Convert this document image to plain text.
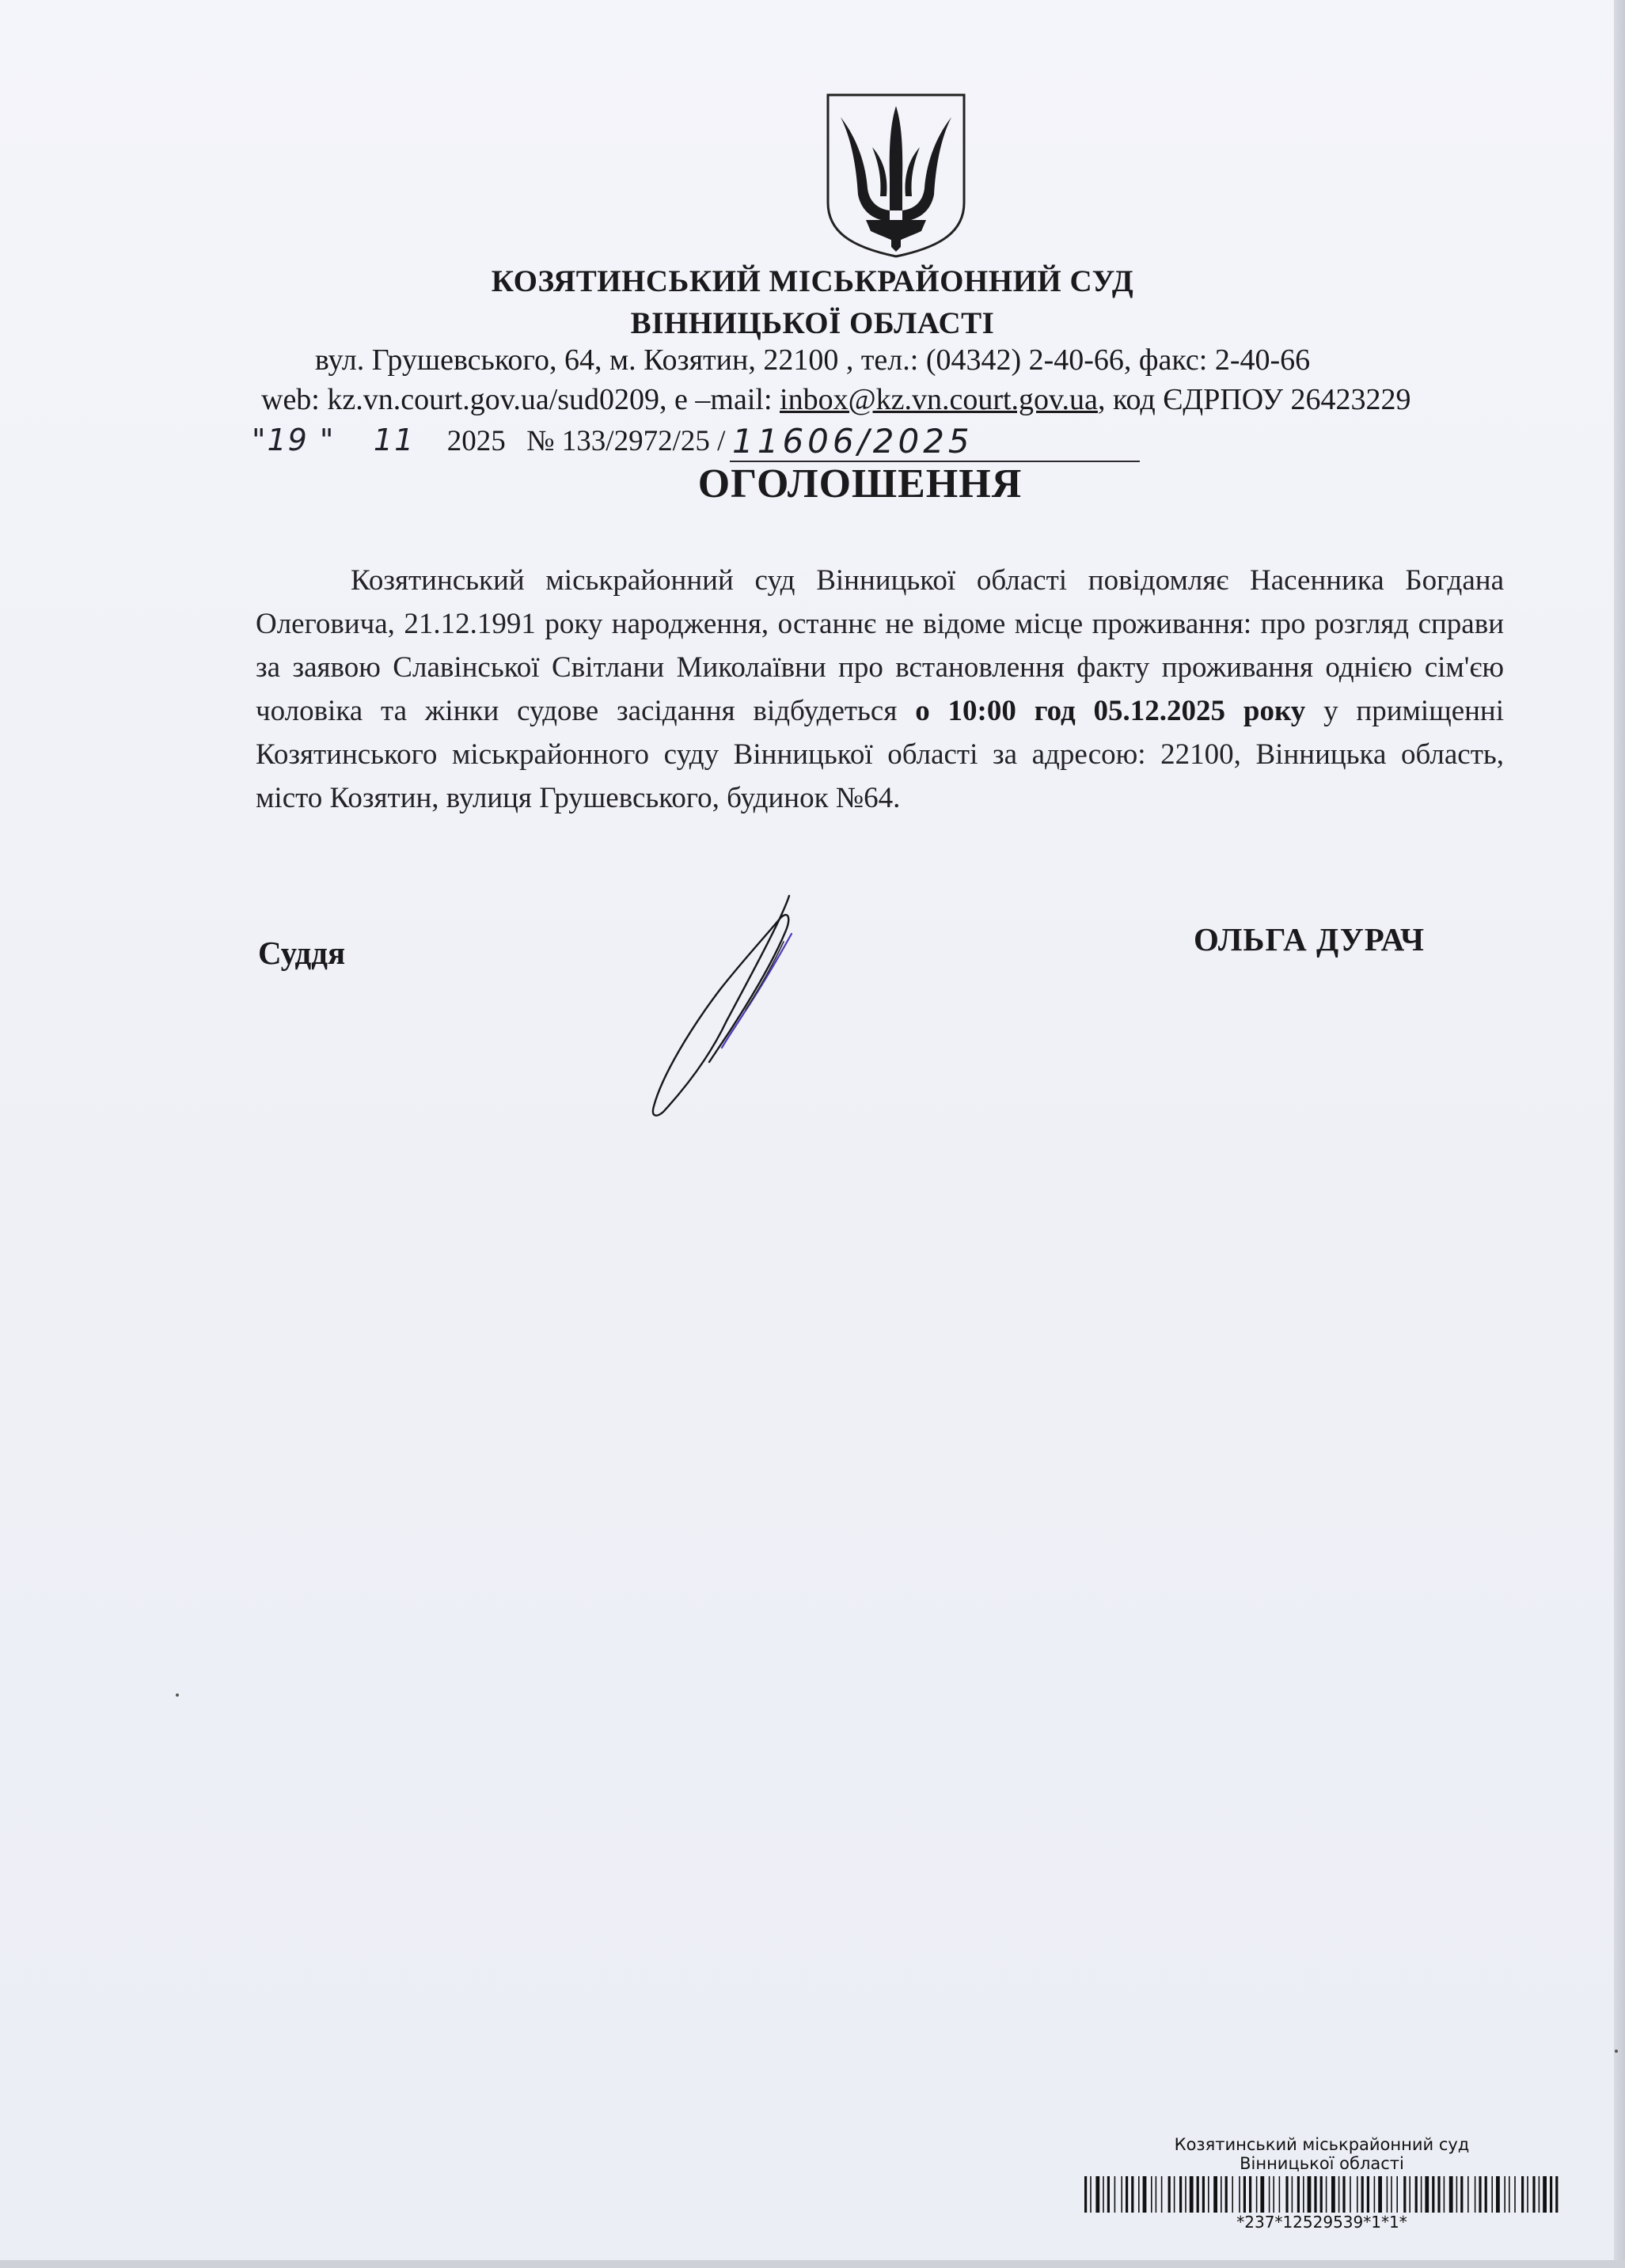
КОЗЯТИНСЬКИЙ МІСЬКРАЙОННИЙ СУД
ВІННИЦЬКОЇ ОБЛАСТІ
вул. Грушевського, 64, м. Козятин, 22100 , тел.: (04342) 2-40-66, факс: 2-40-66
web: kz.vn.court.gov.ua/sud0209, е –mail: inbox@kz.vn.court.gov.ua, код ЄДРПОУ 26423229
"19 " 11 2025 № 133/2972/25 / 11606/2025
ОГОЛОШЕННЯ
Козятинський міськрайонний суд Вінницької області повідомляє Насенника Богдана Олеговича, 21.12.1991 року народження, останнє не відоме місце проживання: про розгляд справи за заявою Славінської Світлани Миколаївни про встановлення факту проживання однією сім'єю чоловіка та жінки судове засідання відбудеться о 10:00 год 05.12.2025 року у приміщенні Козятинського міськрайонного суду Вінницької області за адресою: 22100, Вінницька область, місто Козятин, вулиця Грушевського, будинок №64.
Суддя	ОЛЬГА ДУРАЧ
Козятинський міськрайонний суд
Вінницької області
*237*12529539*1*1*
